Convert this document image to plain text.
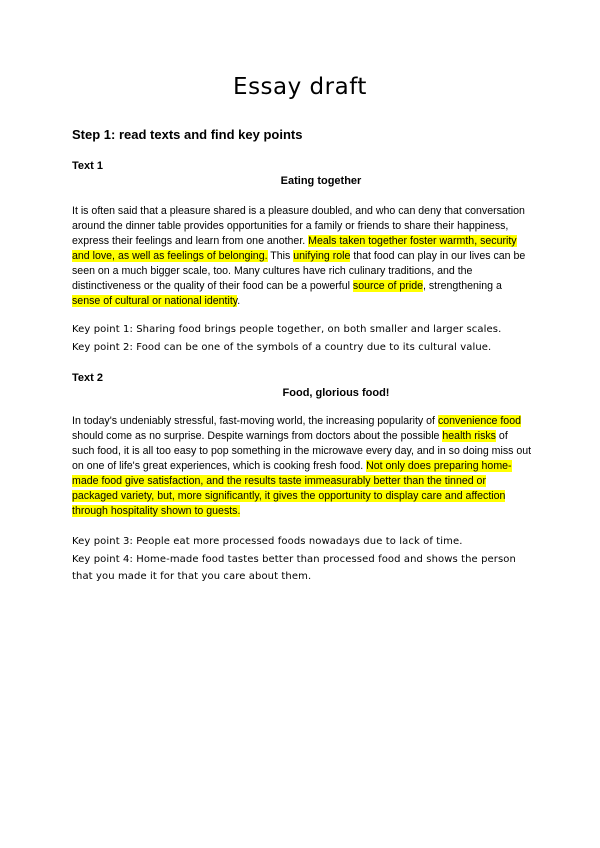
Essay draft
Step 1: read texts and find key points
Text 1
Eating together

It is often said that a pleasure shared is a pleasure doubled, and who can deny that conversation around the dinner table provides opportunities for a family or friends to share their happiness, express their feelings and learn from one another. Meals taken together foster warmth, security and love, as well as feelings of belonging. This unifying role that food can play in our lives can be seen on a much bigger scale, too. Many cultures have rich culinary traditions, and the distinctiveness or the quality of their food can be a powerful source of pride, strengthening a sense of cultural or national identity.

Key point 1: Sharing food brings people together, on both smaller and larger scales.
Key point 2: Food can be one of the symbols of a country due to its cultural value.
Text 2
Food, glorious food!

In today's undeniably stressful, fast-moving world, the increasing popularity of convenience food should come as no surprise. Despite warnings from doctors about the possible health risks of such food, it is all too easy to pop something in the microwave every day, and in so doing miss out on one of life's great experiences, which is cooking fresh food. Not only does preparing home-made food give satisfaction, and the results taste immeasurably better than the tinned or packaged variety, but, more significantly, it gives the opportunity to display care and affection through hospitality shown to guests.

Key point 3: People eat more processed foods nowadays due to lack of time.
Key point 4: Home-made food tastes better than processed food and shows the person that you made it for that you care about them.
